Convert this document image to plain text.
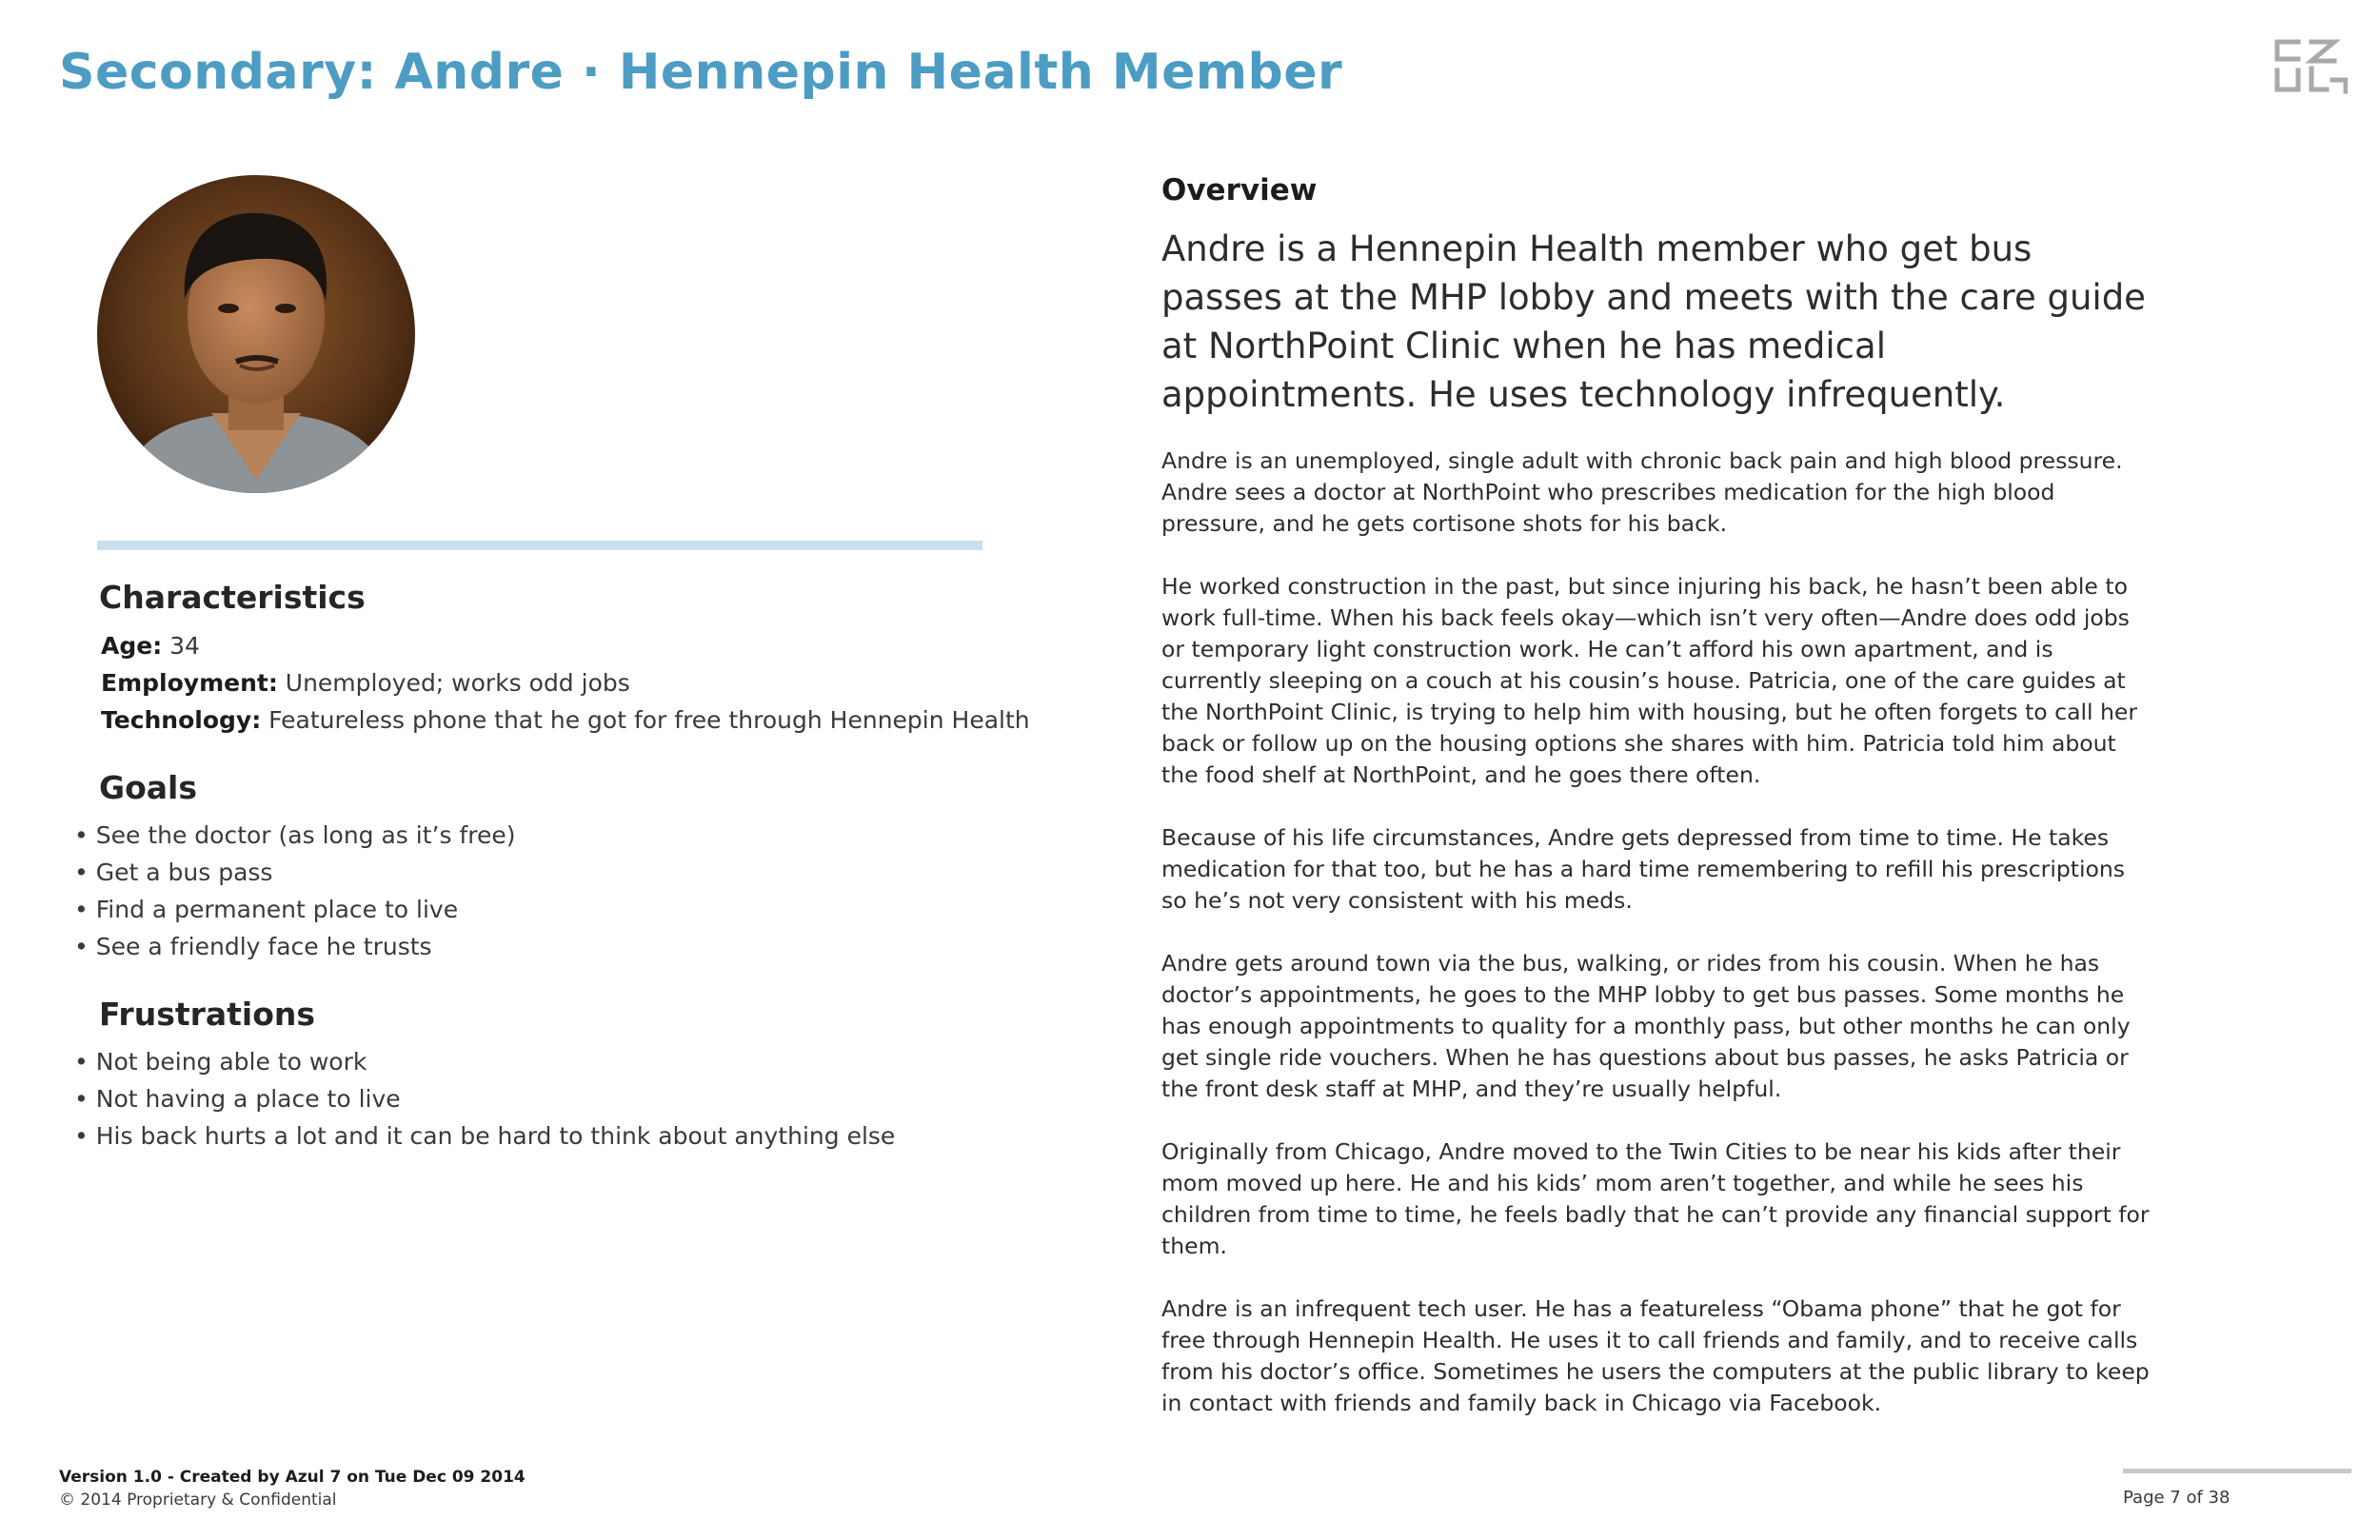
Secondary: Andre · Hennepin Health Member
Characteristics
Age: 34
Employment: Unemployed; works odd jobs
Technology: Featureless phone that he got for free through Hennepin Health
Goals
• See the doctor (as long as it’s free)
• Get a bus pass
• Find a permanent place to live
• See a friendly face he trusts
Frustrations
• Not being able to work
• Not having a place to live
• His back hurts a lot and it can be hard to think about anything else
Overview

Andre is a Hennepin Health member who get bus passes at the MHP lobby and meets with the care guide at NorthPoint Clinic when he has medical appointments. He uses technology infrequently.

Andre is an unemployed, single adult with chronic back pain and high blood pressure. Andre sees a doctor at NorthPoint who prescribes medication for the high blood pressure, and he gets cortisone shots for his back.

He worked construction in the past, but since injuring his back, he hasn’t been able to work full-time. When his back feels okay—which isn’t very often—Andre does odd jobs or temporary light construction work. He can’t afford his own apartment, and is currently sleeping on a couch at his cousin’s house. Patricia, one of the care guides at the NorthPoint Clinic, is trying to help him with housing, but he often forgets to call her back or follow up on the housing options she shares with him. Patricia told him about the food shelf at NorthPoint, and he goes there often.

Because of his life circumstances, Andre gets depressed from time to time. He takes medication for that too, but he has a hard time remembering to refill his prescriptions so he’s not very consistent with his meds.

Andre gets around town via the bus, walking, or rides from his cousin. When he has doctor’s appointments, he goes to the MHP lobby to get bus passes. Some months he has enough appointments to quality for a monthly pass, but other months he can only get single ride vouchers. When he has questions about bus passes, he asks Patricia or the front desk staff at MHP, and they’re usually helpful.

Originally from Chicago, Andre moved to the Twin Cities to be near his kids after their mom moved up here. He and his kids’ mom aren’t together, and while he sees his children from time to time, he feels badly that he can’t provide any financial support for them.

Andre is an infrequent tech user. He has a featureless “Obama phone” that he got for free through Hennepin Health. He uses it to call friends and family, and to receive calls from his doctor’s office. Sometimes he users the computers at the public library to keep in contact with friends and family back in Chicago via Facebook.

Version 1.0 - Created by Azul 7 on Tue Dec 09 2014
© 2014 Proprietary & Confidential	Page 7 of 38
